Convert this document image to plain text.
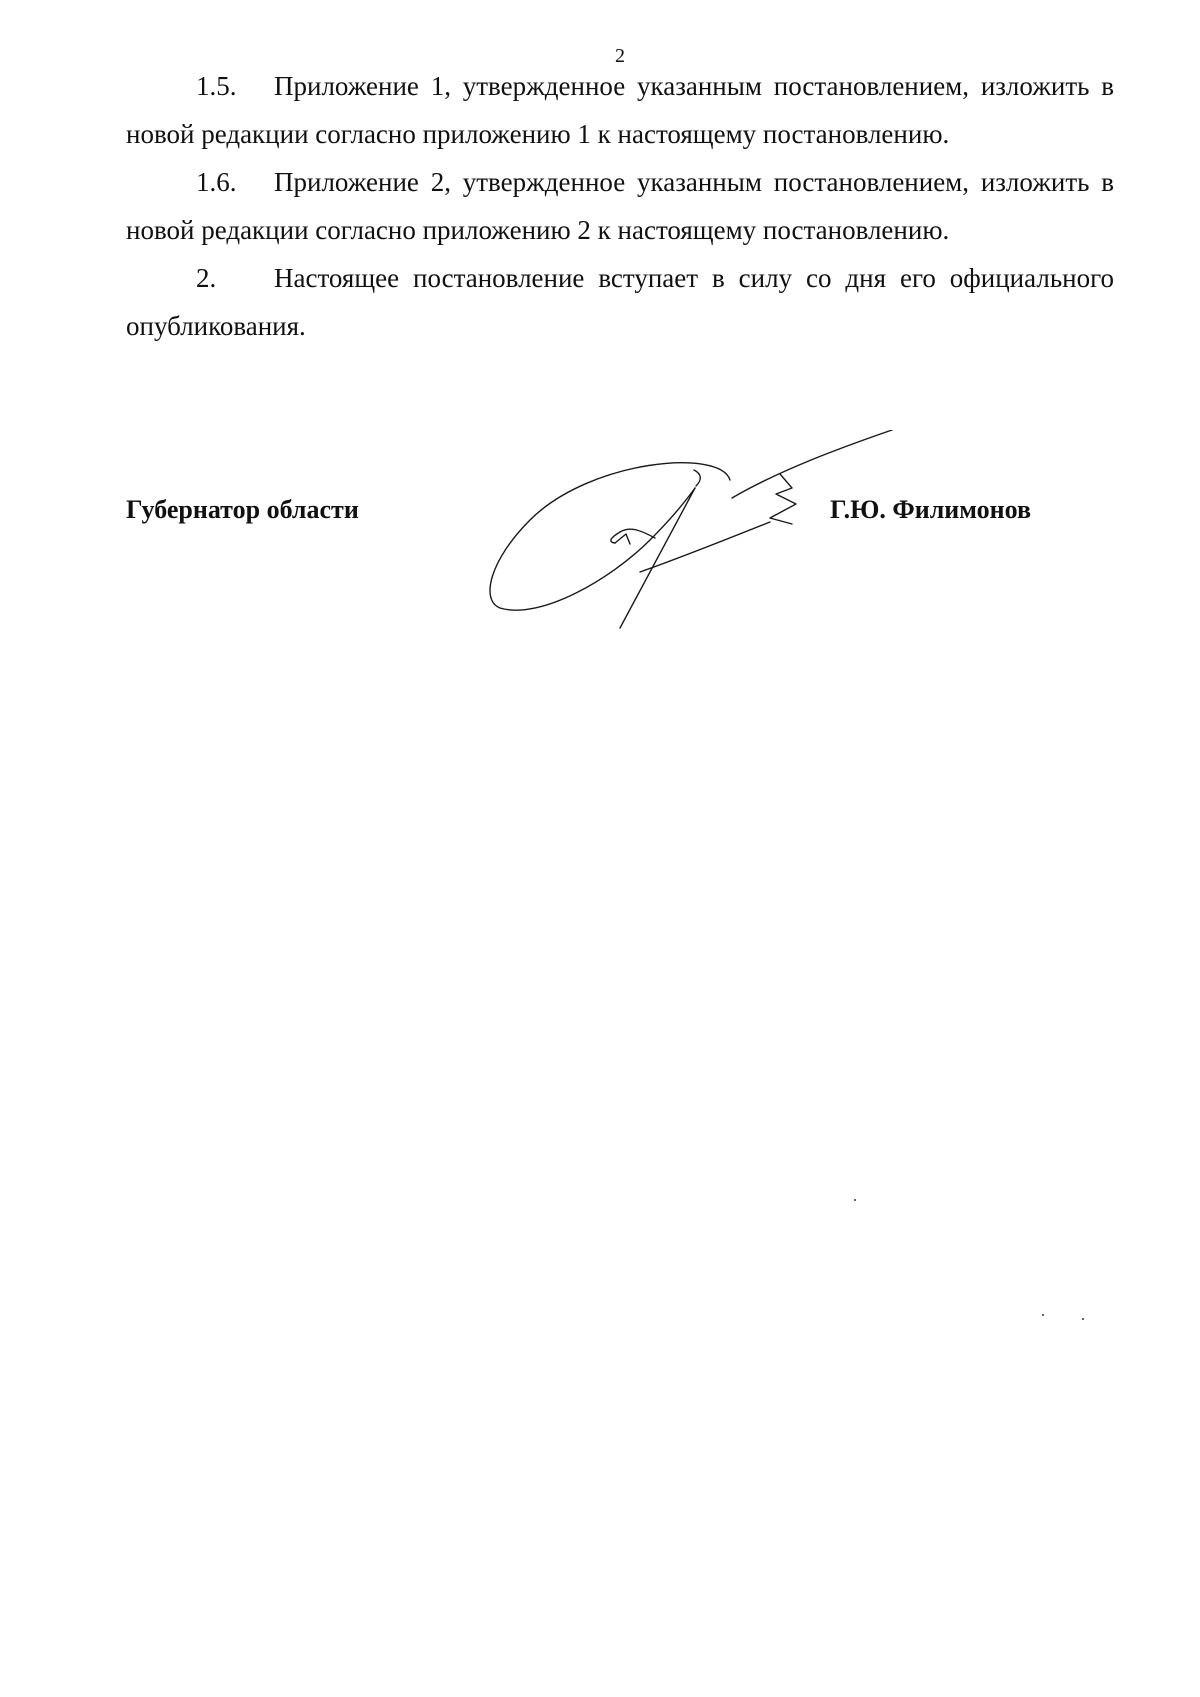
2

1.5. Приложение 1, утвержденное указанным постановлением, изложить в новой редакции согласно приложению 1 к настоящему постановлению.

1.6. Приложение 2, утвержденное указанным постановлением, изложить в новой редакции согласно приложению 2 к настоящему постановлению.

2. Настоящее постановление вступает в силу со дня его официального опубликования.

Губернатор области	Г.Ю. Филимонов
